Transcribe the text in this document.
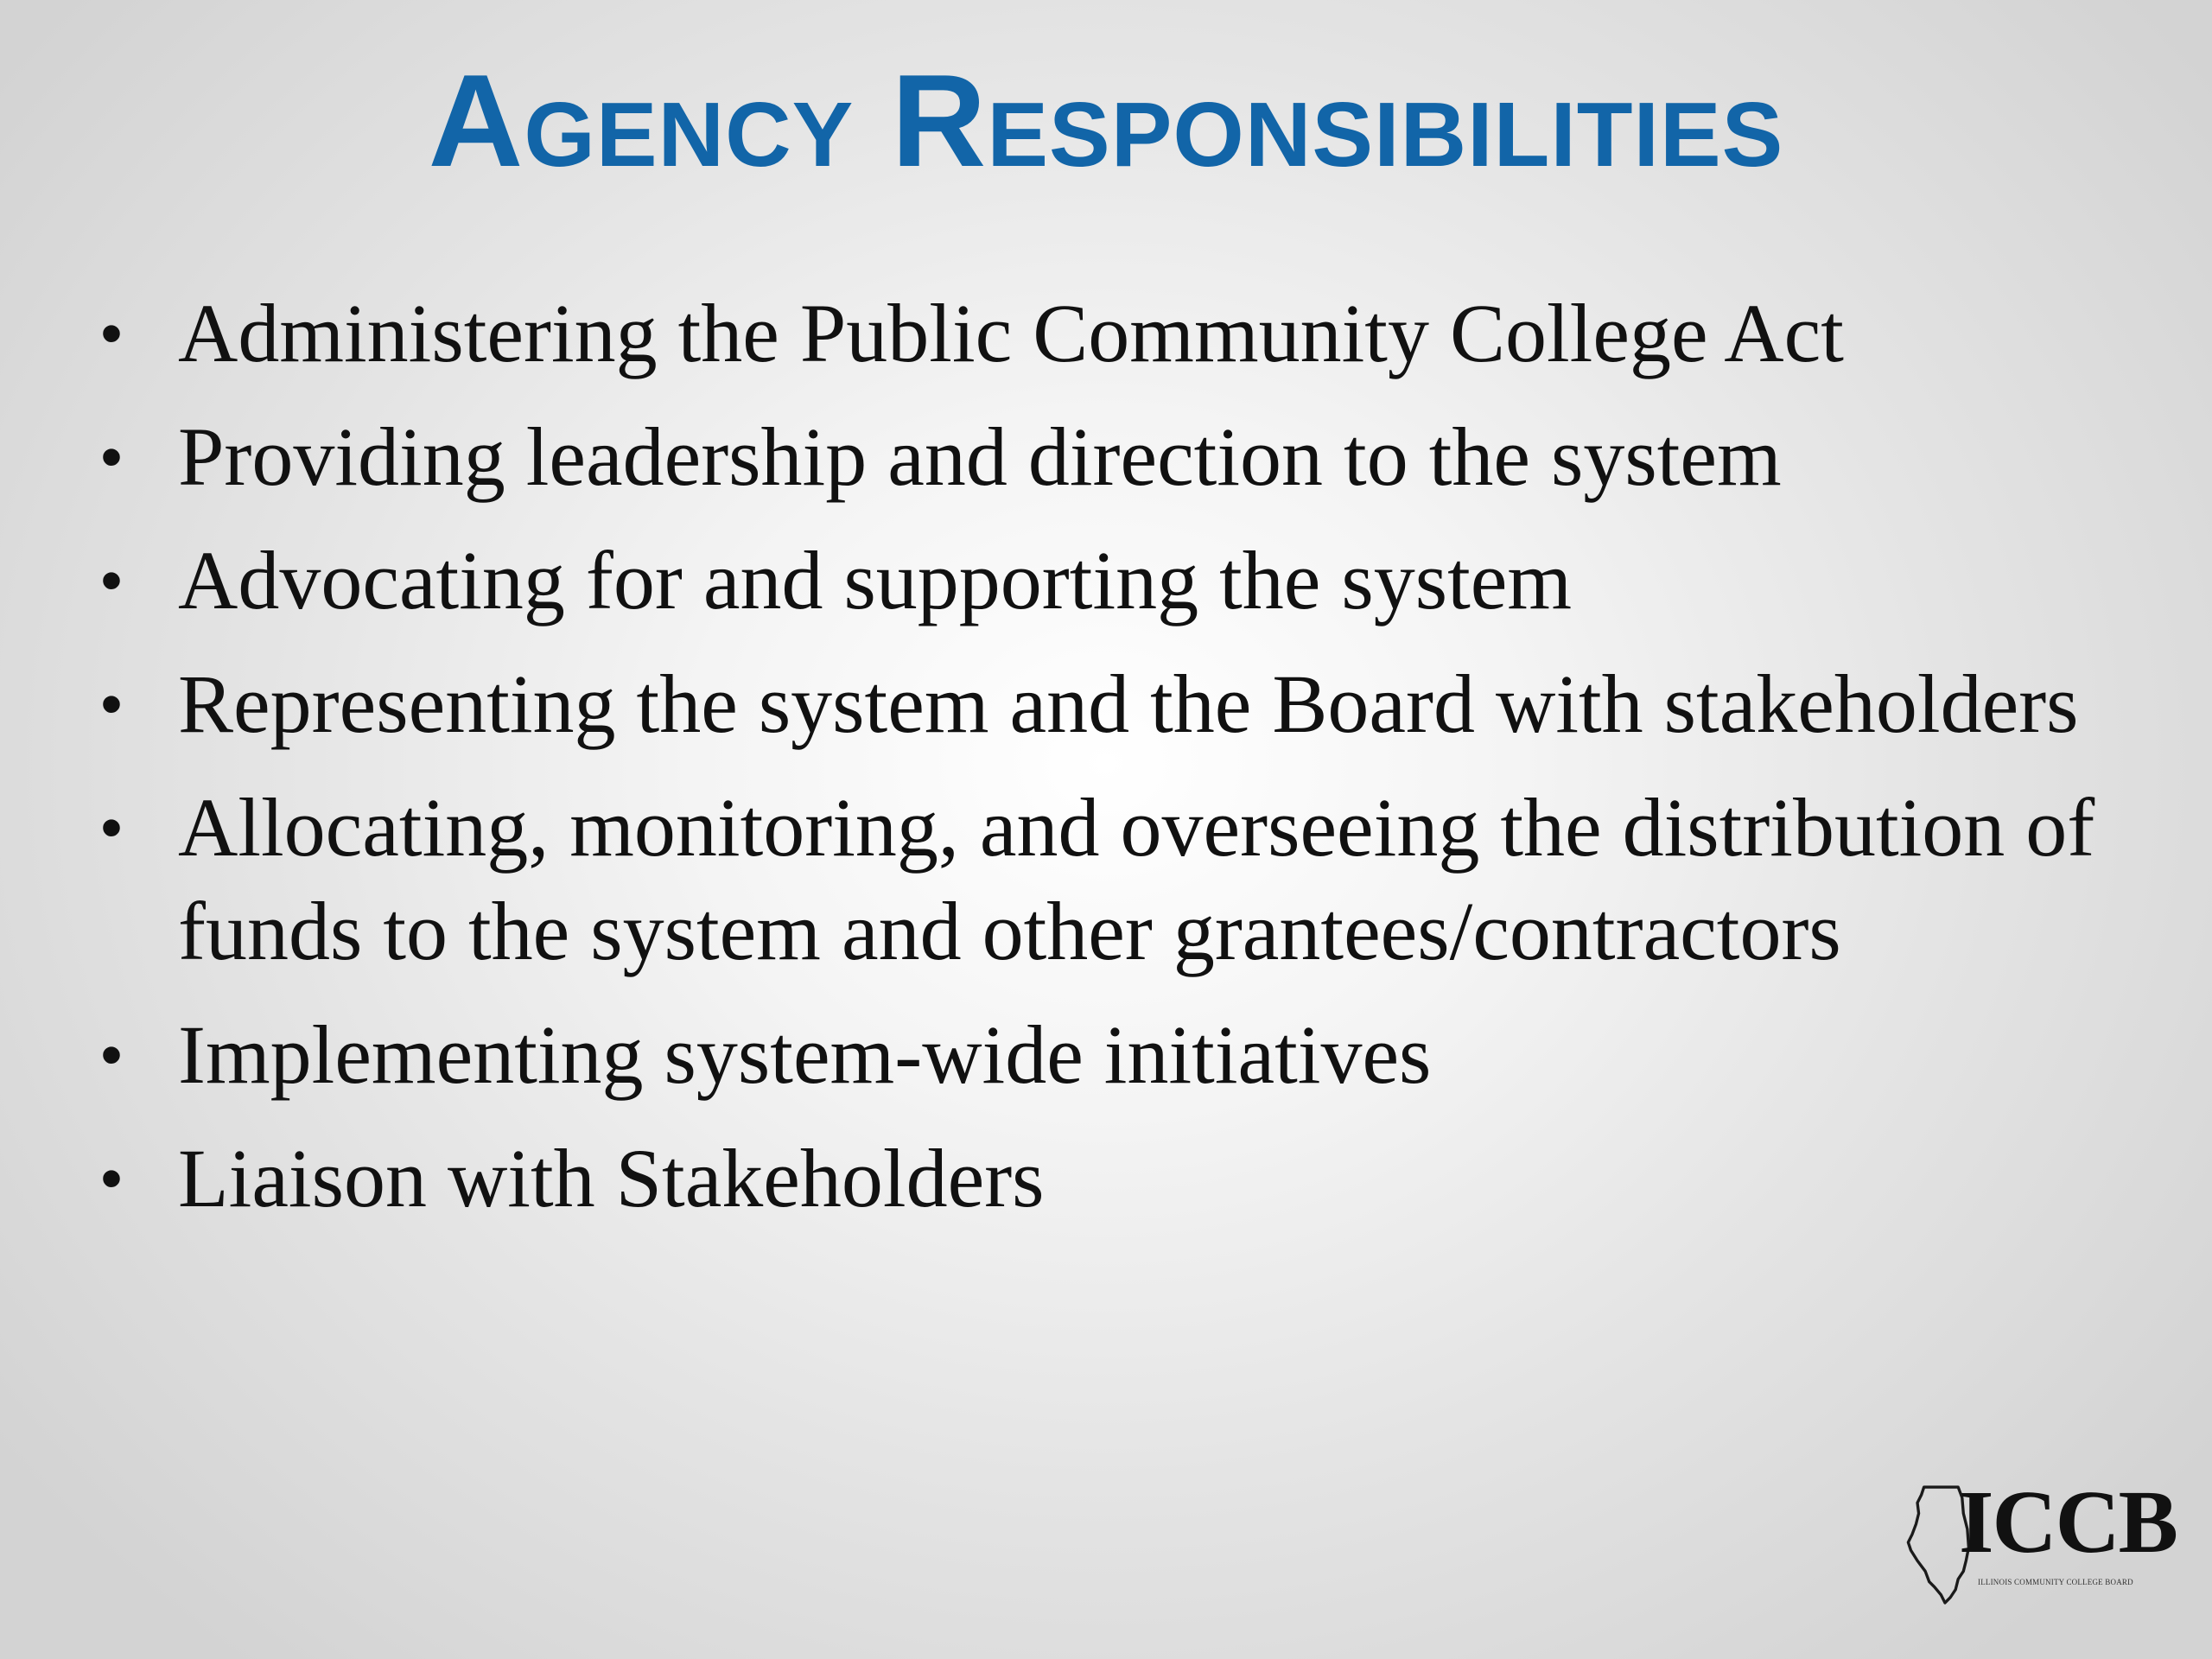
Agency Responsibilities
• Administering the Public Community College Act
• Providing leadership and direction to the system
• Advocating for and supporting the system
• Representing the system and the Board with stakeholders
• Allocating, monitoring, and overseeing the distribution of funds to the system and other grantees/contractors
• Implementing system-wide initiatives
• Liaison with Stakeholders
ICCB
ILLINOIS COMMUNITY COLLEGE BOARD
